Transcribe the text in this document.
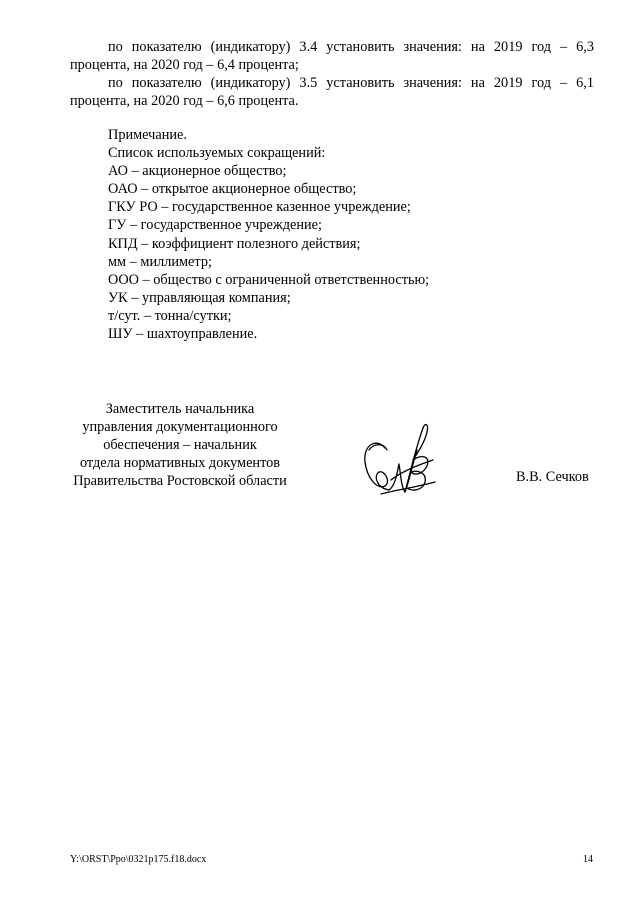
по показателю (индикатору) 3.4 установить значения: на 2019 год – 6,3 процента, на 2020 год – 6,4 процента;

по показателю (индикатору) 3.5 установить значения: на 2019 год – 6,1 процента, на 2020 год – 6,6 процента.

Примечание.
Список используемых сокращений:
АО – акционерное общество;
ОАО – открытое акционерное общество;
ГКУ РО – государственное казенное учреждение;
ГУ – государственное учреждение;
КПД – коэффициент полезного действия;
мм – миллиметр;
ООО – общество с ограниченной ответственностью;
УК – управляющая компания;
т/сут. – тонна/сутки;
ШУ – шахтоуправление.
Заместитель начальника
управления документационного
обеспечения – начальник
отдела нормативных документов
Правительства Ростовской области	В.В. Сечков
Y:\ORST\Ppo\0321p175.f18.docx	14
